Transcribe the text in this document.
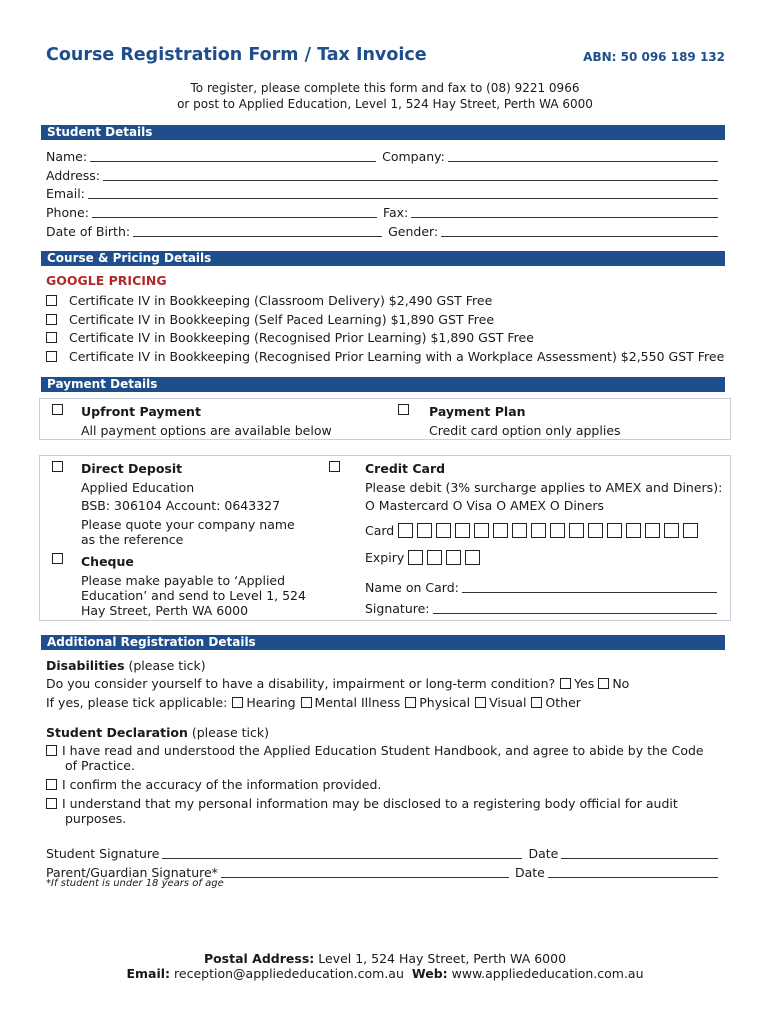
Course Registration Form / Tax Invoice	ABN: 50 096 189 132
To register, please complete this form and fax to (08) 9221 0966
or post to Applied Education, Level 1, 524 Hay Street, Perth WA 6000
Student Details
Name:	Company:
Address:
Email:
Phone:	Fax:
Date of Birth:	Gender:
Course & Pricing Details
GOOGLE PRICING
Certificate IV in Bookkeeping (Classroom Delivery) $2,490 GST Free
Certificate IV in Bookkeeping (Self Paced Learning) $1,890 GST Free
Certificate IV in Bookkeeping (Recognised Prior Learning) $1,890 GST Free
Certificate IV in Bookkeeping (Recognised Prior Learning with a Workplace Assessment) $2,550 GST Free
Payment Details
Upfront Payment
All payment options are available below
Payment Plan
Credit card option only applies
Direct Deposit
Applied Education
BSB: 306104 Account: 0643327
Please quote your company name
as the reference
Cheque
Please make payable to ‘Applied
Education’ and send to Level 1, 524
Hay Street, Perth WA 6000
Credit Card
Please debit (3% surcharge applies to AMEX and Diners):
O Mastercard O Visa O AMEX O Diners
Card
Expiry
Name on Card:
Signature:
Additional Registration Details
Disabilities (please tick)
Do you consider yourself to have a disability, impairment or long-term condition? Yes No
If yes, please tick applicable: Hearing Mental Illness Physical Visual Other
Student Declaration (please tick)
I have read and understood the Applied Education Student Handbook, and agree to abide by the Code
of Practice.
I confirm the accuracy of the information provided.
I understand that my personal information may be disclosed to a registering body official for audit
purposes.
Student Signature	Date
Parent/Guardian Signature*	Date
*If student is under 18 years of age
Postal Address: Level 1, 524 Hay Street, Perth WA 6000
Email: reception@appliededucation.com.au Web: www.appliededucation.com.au
